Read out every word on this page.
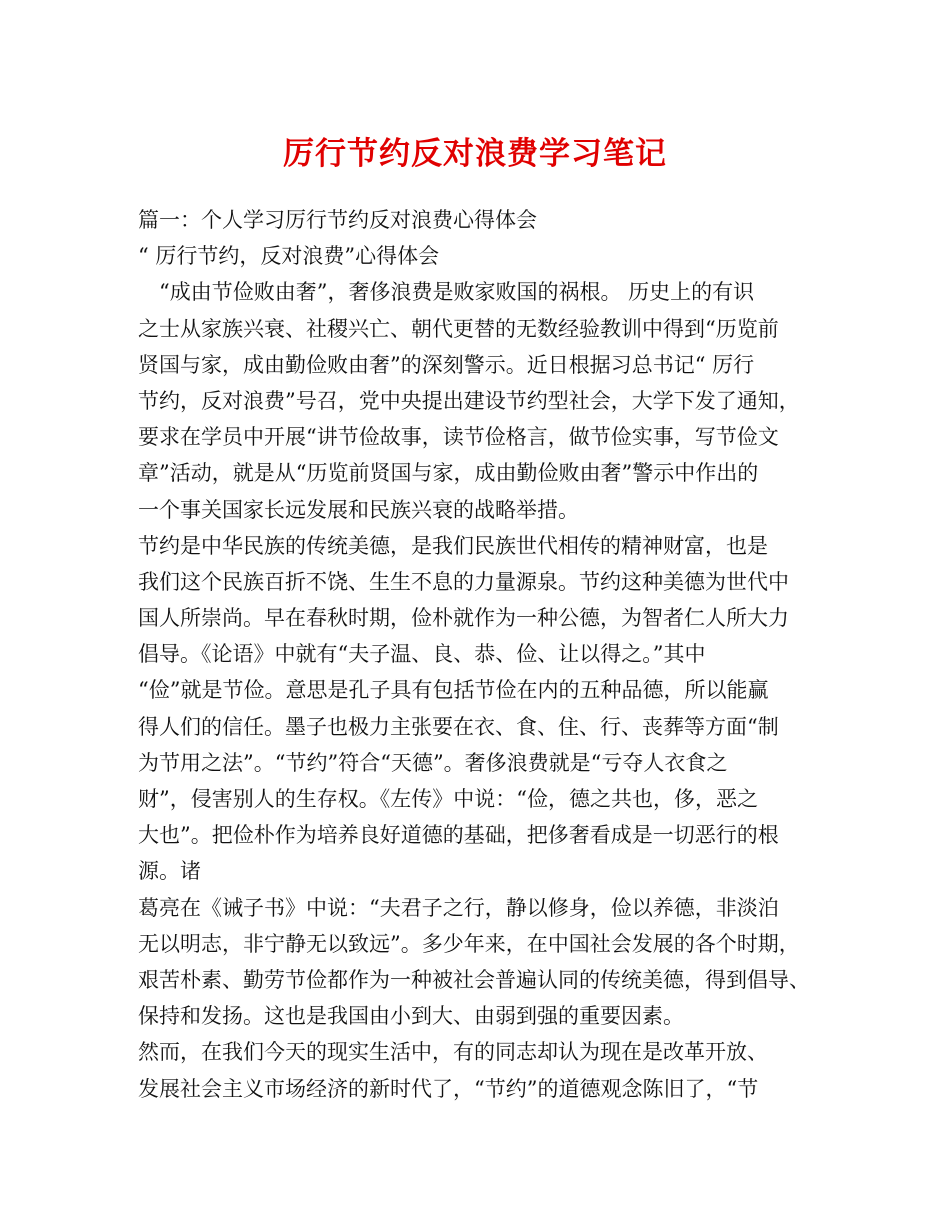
厉行节约反对浪费学习笔记
篇一：个人学习厉行节约反对浪费心得体会
“ 厉行节约，反对浪费”心得体会
　“成由节俭败由奢”，奢侈浪费是败家败国的祸根。 历史上的有识
之士从家族兴衰、社稷兴亡、朝代更替的无数经验教训中得到“历览前
贤国与家，成由勤俭败由奢”的深刻警示。近日根据习总书记“ 厉行
节约，反对浪费”号召，党中央提出建设节约型社会，大学下发了通知，
要求在学员中开展“讲节俭故事，读节俭格言，做节俭实事，写节俭文
章”活动，就是从“历览前贤国与家，成由勤俭败由奢”警示中作出的
一个事关国家长远发展和民族兴衰的战略举措。
节约是中华民族的传统美德，是我们民族世代相传的精神财富，也是
我们这个民族百折不饶、生生不息的力量源泉。节约这种美德为世代中
国人所崇尚。早在春秋时期，俭朴就作为一种公德，为智者仁人所大力
倡导。《论语》中就有“夫子温、良、恭、俭、让以得之。”其中
“俭”就是节俭。意思是孔子具有包括节俭在内的五种品德，所以能赢
得人们的信任。墨子也极力主张要在衣、食、住、行、丧葬等方面“制
为节用之法”。“节约”符合“天德”。奢侈浪费就是“亏夺人衣食之
财”，侵害别人的生存权。《左传》中说：“俭，德之共也，侈，恶之
大也”。把俭朴作为培养良好道德的基础，把侈奢看成是一切恶行的根
源。诸
葛亮在《诫子书》中说：“夫君子之行，静以修身，俭以养德，非淡泊
无以明志，非宁静无以致远”。多少年来，在中国社会发展的各个时期，
艰苦朴素、勤劳节俭都作为一种被社会普遍认同的传统美德，得到倡导、
保持和发扬。这也是我国由小到大、由弱到强的重要因素。
然而，在我们今天的现实生活中，有的同志却认为现在是改革开放、
发展社会主义市场经济的新时代了，“节约”的道德观念陈旧了，“节
